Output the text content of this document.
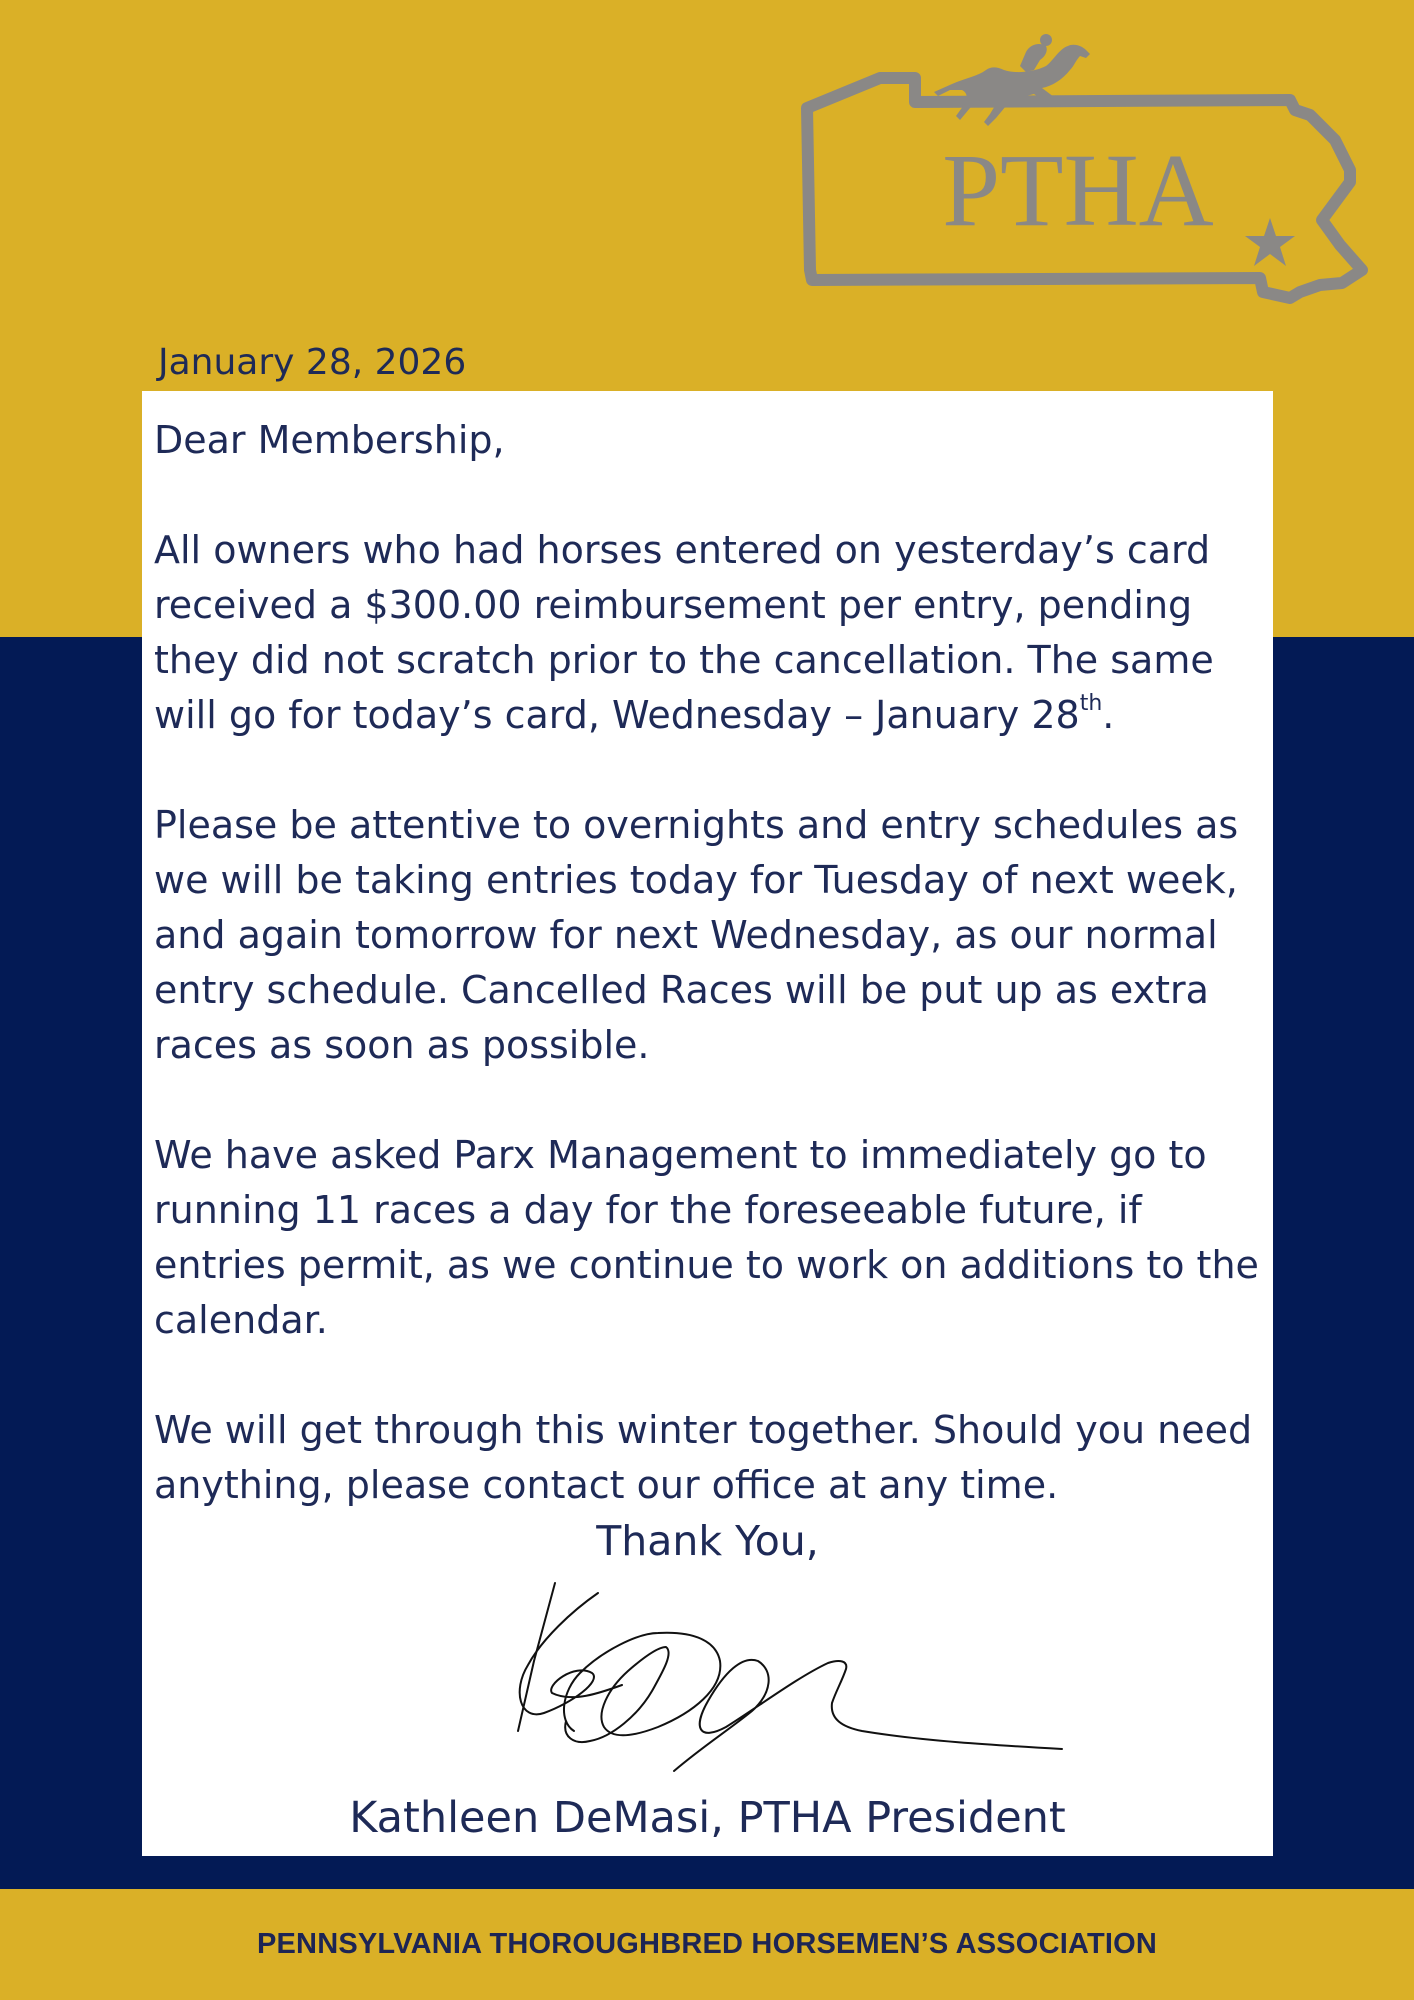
PTHA
January 28, 2026

Dear Membership,

All owners who had horses entered on yesterday’s card received a $300.00 reimbursement per entry, pending they did not scratch prior to the cancellation. The same will go for today’s card, Wednesday – January 28th.

Please be attentive to overnights and entry schedules as we will be taking entries today for Tuesday of next week, and again tomorrow for next Wednesday, as our normal entry schedule. Cancelled Races will be put up as extra races as soon as possible.

We have asked Parx Management to immediately go to running 11 races a day for the foreseeable future, if entries permit, as we continue to work on additions to the calendar.

We will get through this winter together. Should you need anything, please contact our office at any time.

Thank You,
Kathleen DeMasi, PTHA President
PENNSYLVANIA THOROUGHBRED HORSEMEN’S ASSOCIATION
